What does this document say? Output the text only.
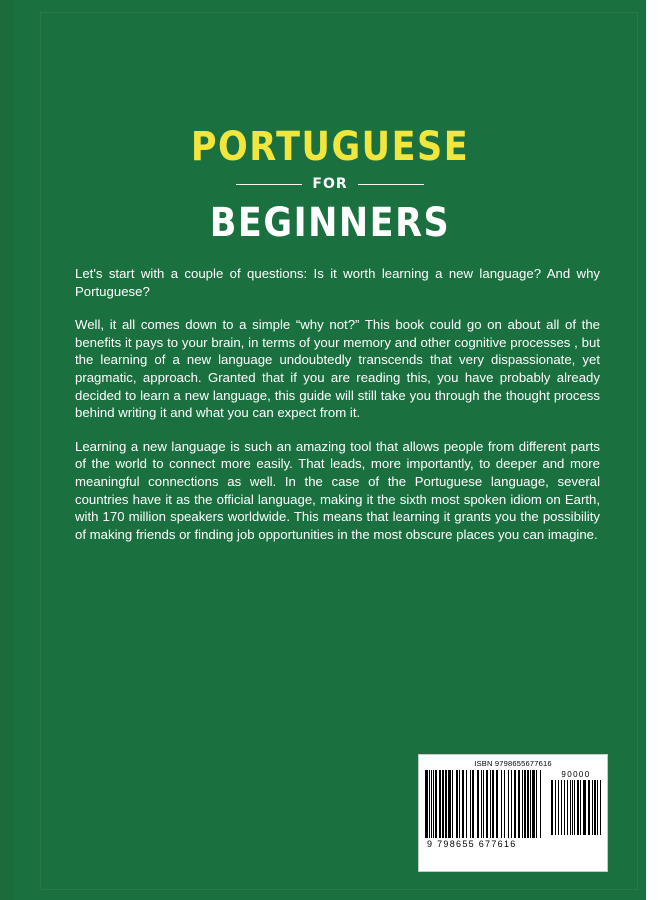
PORTUGUESE
FOR
BEGINNERS

Let's start with a couple of questions: Is it worth learning a new language? And why Portuguese?

Well, it all comes down to a simple “why not?” This book could go on about all of the benefits it pays to your brain, in terms of your memory and other cognitive processes , but the learning of a new language undoubtedly transcends that very dispassionate, yet pragmatic, approach. Granted that if you are reading this, you have probably already decided to learn a new language, this guide will still take you through the thought process behind writing it and what you can expect from it.

Learning a new language is such an amazing tool that allows people from different parts of the world to connect more easily. That leads, more importantly, to deeper and more meaningful connections as well. In the case of the Portuguese language, several countries have it as the official language, making it the sixth most spoken idiom on Earth, with 170 million speakers worldwide. This means that learning it grants you the possibility of making friends or finding job opportunities in the most obscure places you can imagine.

ISBN 9798655677616
90000
9 798655 677616
